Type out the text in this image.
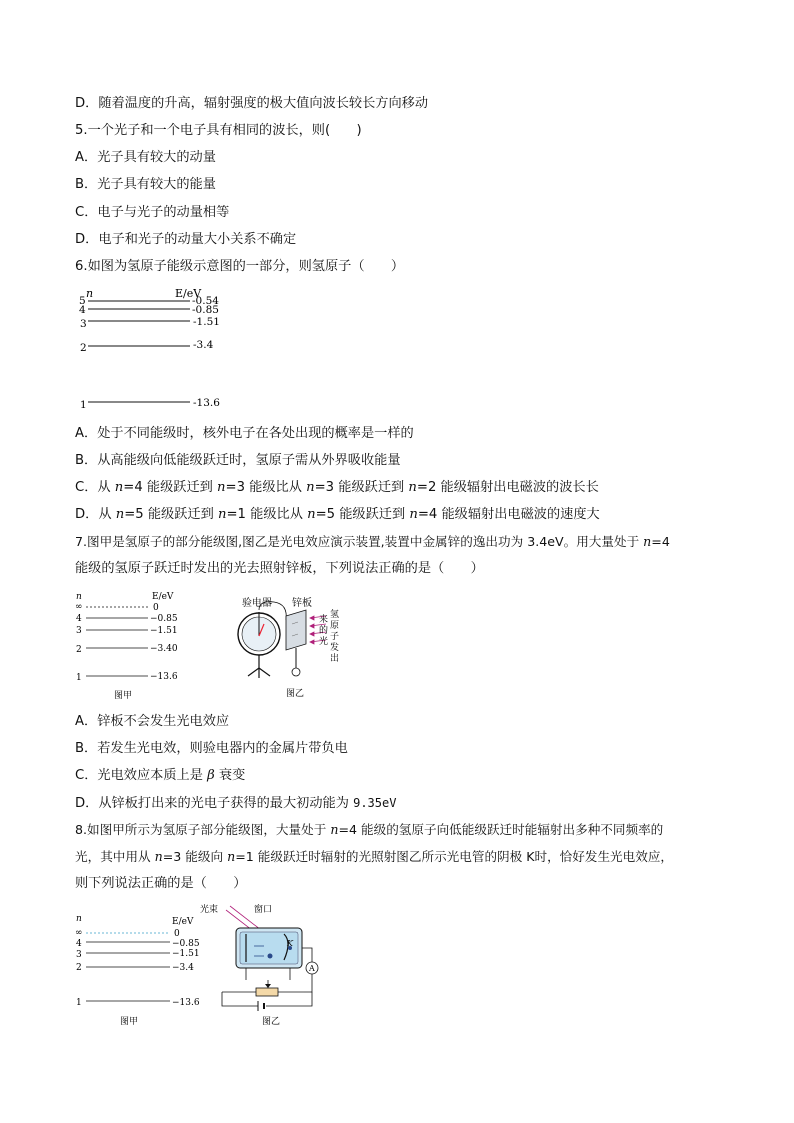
D．随着温度的升高，辐射强度的极大值向波长较长方向移动
5.一个光子和一个电子具有相同的波长，则(　　)
A．光子具有较大的动量
B．光子具有较大的能量
C．电子与光子的动量相等
D．电子和光子的动量大小关系不确定
6.如图为氢原子能级示意图的一部分，则氢原子（　　）
n	E/eV
5	-0.54
4	-0.85
3	-1.51
2	-3.4
1	-13.6
A．处于不同能级时，核外电子在各处出现的概率是一样的
B．从高能级向低能级跃迁时，氢原子需从外界吸收能量
C．从 n=4 能级跃迁到 n=3 能级比从 n=3 能级跃迁到 n=2 能级辐射出电磁波的波长长
D．从 n=5 能级跃迁到 n=1 能级比从 n=5 能级跃迁到 n=4 能级辐射出电磁波的速度大
7.图甲是氢原子的部分能级图,图乙是光电效应演示装置,装置中金属锌的逸出功为 3.4eV。用大量处于 n=4
能级的氢原子跃迁时发出的光去照射锌板，下列说法正确的是（　　）
n	E/eV
∞	0
4	−0.85
3	−1.51
2	−3.40
1	−13.6
图甲
验电器 锌板
氢
原
子
发
出
来
的
光
图乙
A．锌板不会发生光电效应
B．若发生光电效，则验电器内的金属片带负电
C．光电效应本质上是 β 衰变
D．从锌板打出来的光电子获得的最大初动能为 9.35eV
8.如图甲所示为氢原子部分能级图，大量处于 n=4 能级的氢原子向低能级跃迁时能辐射出多种不同频率的
光，其中用从 n=3 能级向 n=1 能级跃迁时辐射的光照射图乙所示光电管的阴极 K时，恰好发生光电效应，
则下列说法正确的是（　　）
n	E/eV
∞	0
4	−0.85
3	−1.51
2	−3.4
1	−13.6
图甲
光束	窗口
K
A
图乙
